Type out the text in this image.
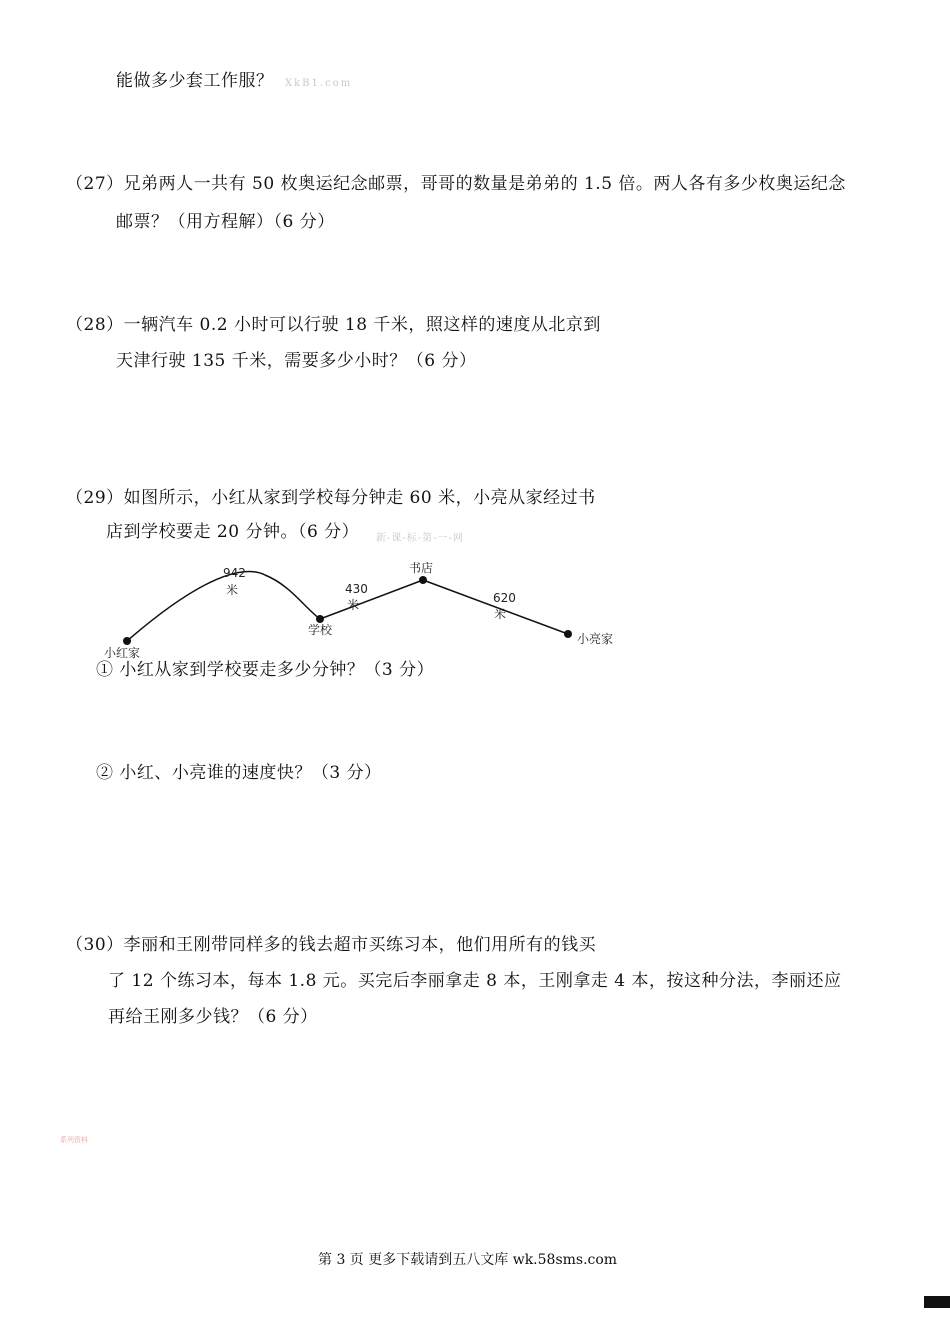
能做多少套工作服？ XkB1.com
（27）兄弟两人一共有 50 枚奥运纪念邮票，哥哥的数量是弟弟的 1.5 倍。两人各有多少枚奥运纪念
邮票？（用方程解）（6 分）
（28）一辆汽车 0.2 小时可以行驶 18 千米，照这样的速度从北京到
天津行驶 135 千米，需要多少小时？（6 分）
（29）如图所示，小红从家到学校每分钟走 60 米，小亮从家经过书
店到学校要走 20 分钟。（6 分） 新-课-标-第-一-网
小红家
学校
书店
小亮家
942
米	430
米	620
米
① 小红从家到学校要走多少分钟？（3 分）
② 小红、小亮谁的速度快？（3 分）
（30）李丽和王刚带同样多的钱去超市买练习本，他们用所有的钱买
了 12 个练习本，每本 1.8 元。买完后李丽拿走 8 本，王刚拿走 4 本，按这种分法，李丽还应
再给王刚多少钱？（6 分）
系列资料
第 3 页 更多下载请到五八文库 wk.58sms.com
